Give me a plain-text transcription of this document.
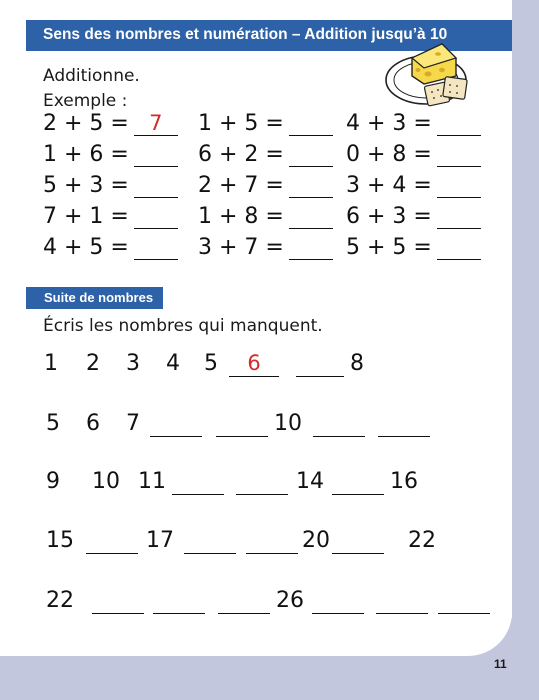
Sens des nombres et numération – Addition jusqu’à 10
Additionne.
Exemple :
2 + 5 = 7	1 + 5 =	4 + 3 =
1 + 6 =	6 + 2 =	0 + 8 =
5 + 3 =	2 + 7 =	3 + 4 =
7 + 1 =	1 + 8 =	6 + 3 =
4 + 5 =	3 + 7 =	5 + 5 =
Suite de nombres
Écris les nombres qui manquent.
1 2 3 4 5	6	8
5 6 7	10
9 10 11	14	16
15	17	20	22
22	26
11
